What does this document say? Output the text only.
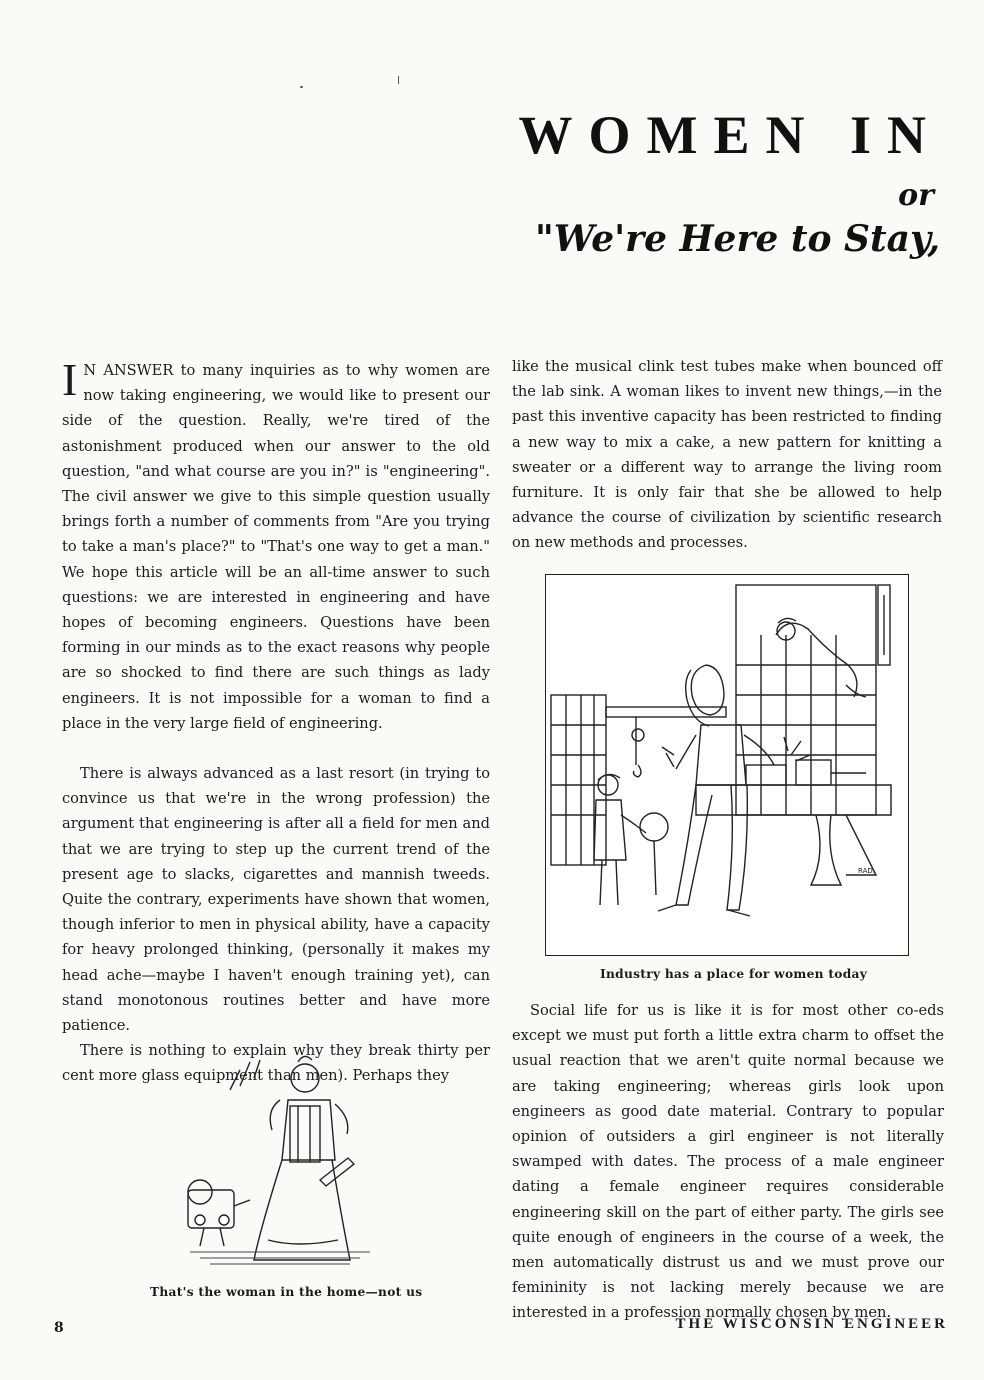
WOMEN IN
or
"We're Here to Stay,

I N ANSWER to many inquiries as to why women are now taking engineering, we would like to present our side of the question. Really, we're tired of the astonishment produced when our answer to the old question, "and what course are you in?" is "engineering". The civil answer we give to this simple question usually brings forth a number of comments from "Are you trying to take a man's place?" to "That's one way to get a man." We hope this article will be an all-time answer to such questions: we are interested in engineering and have hopes of becoming engineers. Questions have been forming in our minds as to the exact reasons why people are so shocked to find there are such things as lady engineers. It is not impossible for a woman to find a place in the very large field of engineering.

There is always advanced as a last resort (in trying to convince us that we're in the wrong profession) the argument that engineering is after all a field for men and that we are trying to step up the current trend of the present age to slacks, cigarettes and mannish tweeds. Quite the contrary, experiments have shown that women, though inferior to men in physical ability, have a capacity for heavy prolonged thinking, (personally it makes my head ache—maybe I haven't enough training yet), can stand monotonous routines better and have more patience.

There is nothing to explain why they break thirty per cent more glass equipment than men). Perhaps they

like the musical clink test tubes make when bounced off the lab sink. A woman likes to invent new things,—in the past this inventive capacity has been restricted to finding a new way to mix a cake, a new pattern for knitting a sweater or a different way to arrange the living room furniture. It is only fair that she be allowed to help advance the course of civilization by scientific research on new methods and processes.

RAD.
Industry has a place for women today

Social life for us is like it is for most other co-eds except we must put forth a little extra charm to offset the usual reaction that we aren't quite normal because we are taking engineering; whereas girls look upon engineers as good date material. Contrary to popular opinion of outsiders a girl engineer is not literally swamped with dates. The process of a male engineer dating a female engineer requires considerable engineering skill on the part of either party. The girls see quite enough of engineers in the course of a week, the men automatically distrust us and we must prove our femininity is not lacking merely because we are interested in a profession normally chosen by men.

That's the woman in the home—not us
8	THE WISCONSIN ENGINEER
